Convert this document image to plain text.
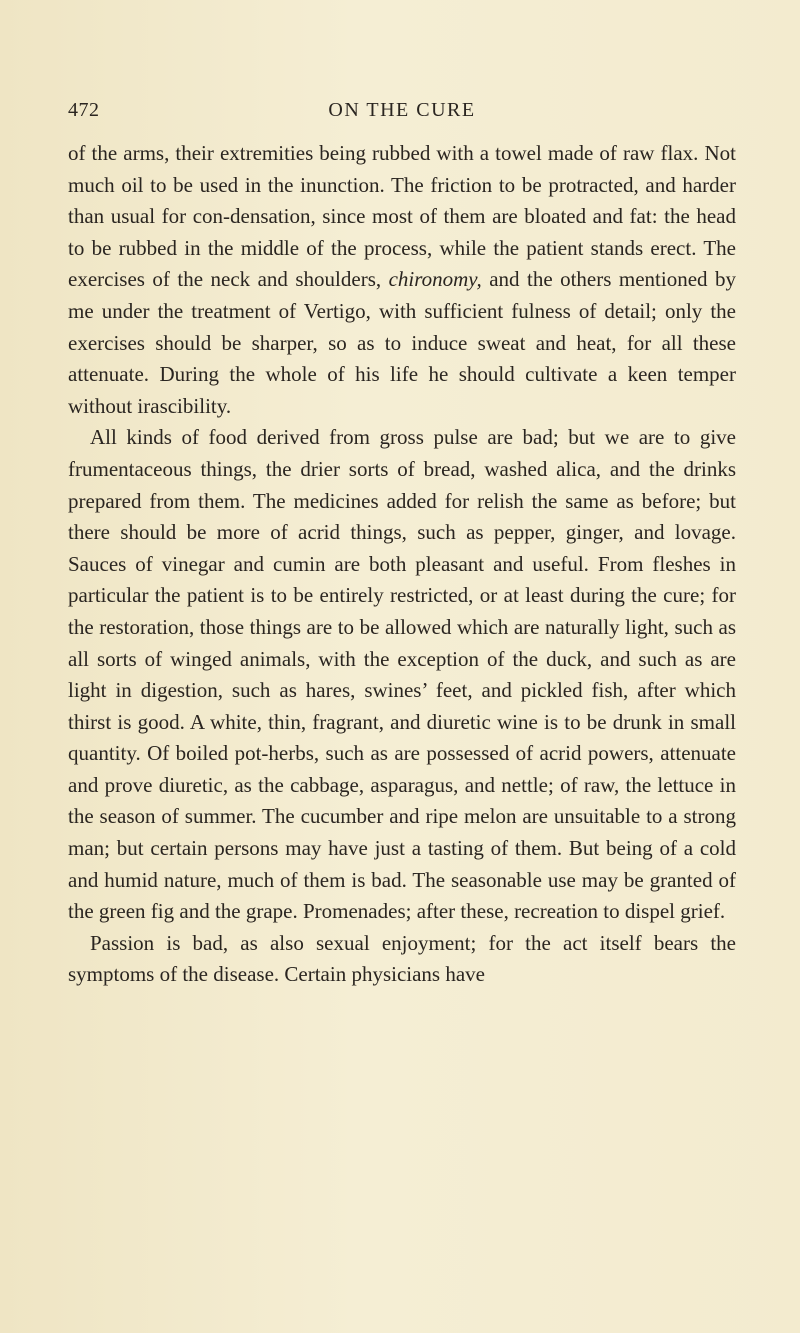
472	ON THE CURE

of the arms, their extremities being rubbed with a towel made of raw flax. Not much oil to be used in the inunction. The friction to be protracted, and harder than usual for con-densation, since most of them are bloated and fat: the head to be rubbed in the middle of the process, while the patient stands erect. The exercises of the neck and shoulders, chironomy, and the others mentioned by me under the treatment of Vertigo, with sufficient fulness of detail; only the exercises should be sharper, so as to induce sweat and heat, for all these attenuate. During the whole of his life he should cultivate a keen temper without irascibility.

All kinds of food derived from gross pulse are bad; but we are to give frumentaceous things, the drier sorts of bread, washed alica, and the drinks prepared from them. The medicines added for relish the same as before; but there should be more of acrid things, such as pepper, ginger, and lovage. Sauces of vinegar and cumin are both pleasant and useful. From fleshes in particular the patient is to be entirely restricted, or at least during the cure; for the restoration, those things are to be allowed which are naturally light, such as all sorts of winged animals, with the exception of the duck, and such as are light in digestion, such as hares, swines’ feet, and pickled fish, after which thirst is good. A white, thin, fragrant, and diuretic wine is to be drunk in small quantity. Of boiled pot-herbs, such as are possessed of acrid powers, attenuate and prove diuretic, as the cabbage, asparagus, and nettle; of raw, the lettuce in the season of summer. The cucumber and ripe melon are unsuitable to a strong man; but certain persons may have just a tasting of them. But being of a cold and humid nature, much of them is bad. The seasonable use may be granted of the green fig and the grape. Promenades; after these, recreation to dispel grief.

Passion is bad, as also sexual enjoyment; for the act itself bears the symptoms of the disease. Certain physicians have
